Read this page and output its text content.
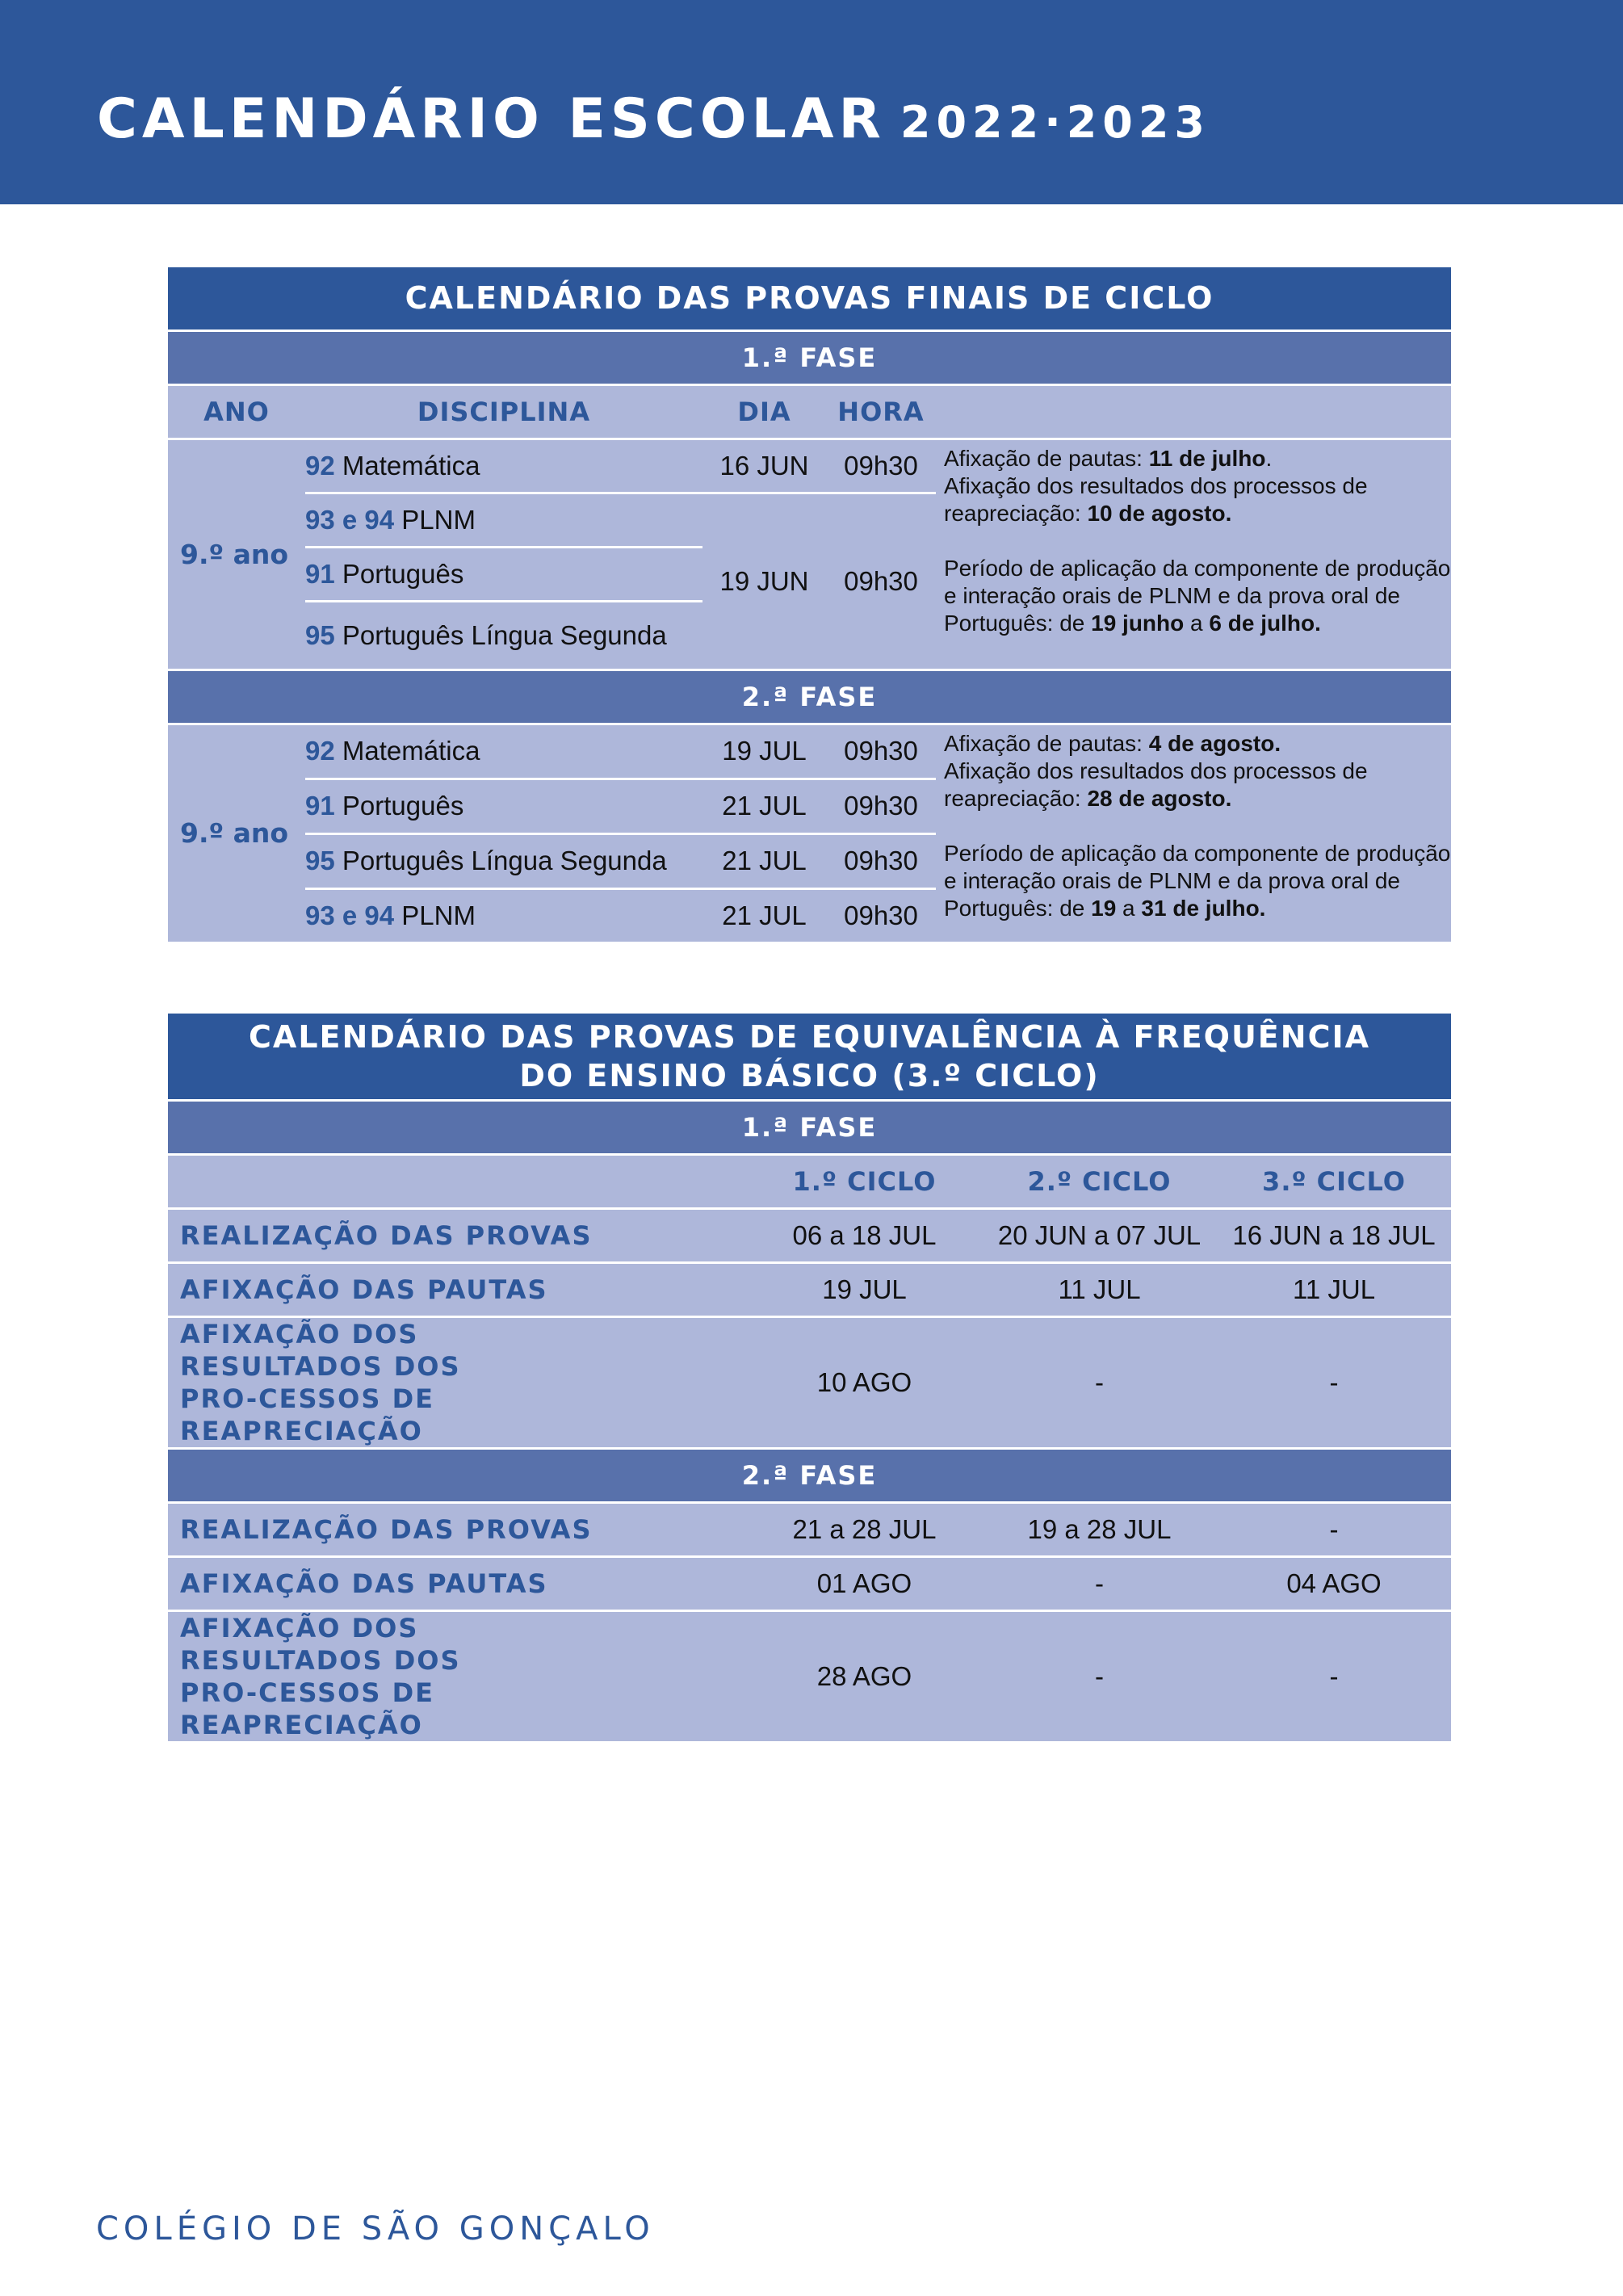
CALENDÁRIO ESCOLAR 2022·2023
CALENDÁRIO DAS PROVAS FINAIS DE CICLO				
1.ª FASE				
ANO	DISCIPLINA	DIA	HORA	
9.º ano	92 Matemática	16 JUN	09h30	Afixação de pautas: 11 de julho.
Afixação dos resultados dos processos de reapreciação: 10 de agosto.
Período de aplicação da componente de produção e interação orais de PLNM e da prova oral de Português: de 19 junho a 6 de julho.

	93 e 94 PLNM	19 JUN	09h30	
	91 Português			
	95 Português Língua Segunda			
2.ª FASE				
9.º ano	92 Matemática	19 JUL	09h30	Afixação de pautas: 4 de agosto.
Afixação dos resultados dos processos de reapreciação: 28 de agosto.
Período de aplicação da componente de produção e interação orais de PLNM e da prova oral de Português: de 19 a 31 de julho.

	91 Português	21 JUL	09h30	
	95 Português Língua Segunda	21 JUL	09h30	
	93 e 94 PLNM	21 JUL	09h30	
CALENDÁRIO DAS PROVAS DE EQUIVALÊNCIA À FREQUÊNCIA
DO ENSINO BÁSICO (3.º CICLO)			

1.ª FASE			
	1.º CICLO	2.º CICLO	3.º CICLO
REALIZAÇÃO DAS PROVAS	06 a 18 JUL	20 JUN a 07 JUL	16 JUN a 18 JUL
AFIXAÇÃO DAS PAUTAS	19 JUL	11 JUL	11 JUL
AFIXAÇÃO DOS RESULTADOS DOS PRO-CESSOS DE REAPRECIAÇÃO	10 AGO	-	-
2.ª FASE			
REALIZAÇÃO DAS PROVAS	21 a 28 JUL	19 a 28 JUL	-
AFIXAÇÃO DAS PAUTAS	01 AGO	-	04 AGO
AFIXAÇÃO DOS RESULTADOS DOS PRO-CESSOS DE REAPRECIAÇÃO	28 AGO	-	-
COLÉGIO DE SÃO GONÇALO
